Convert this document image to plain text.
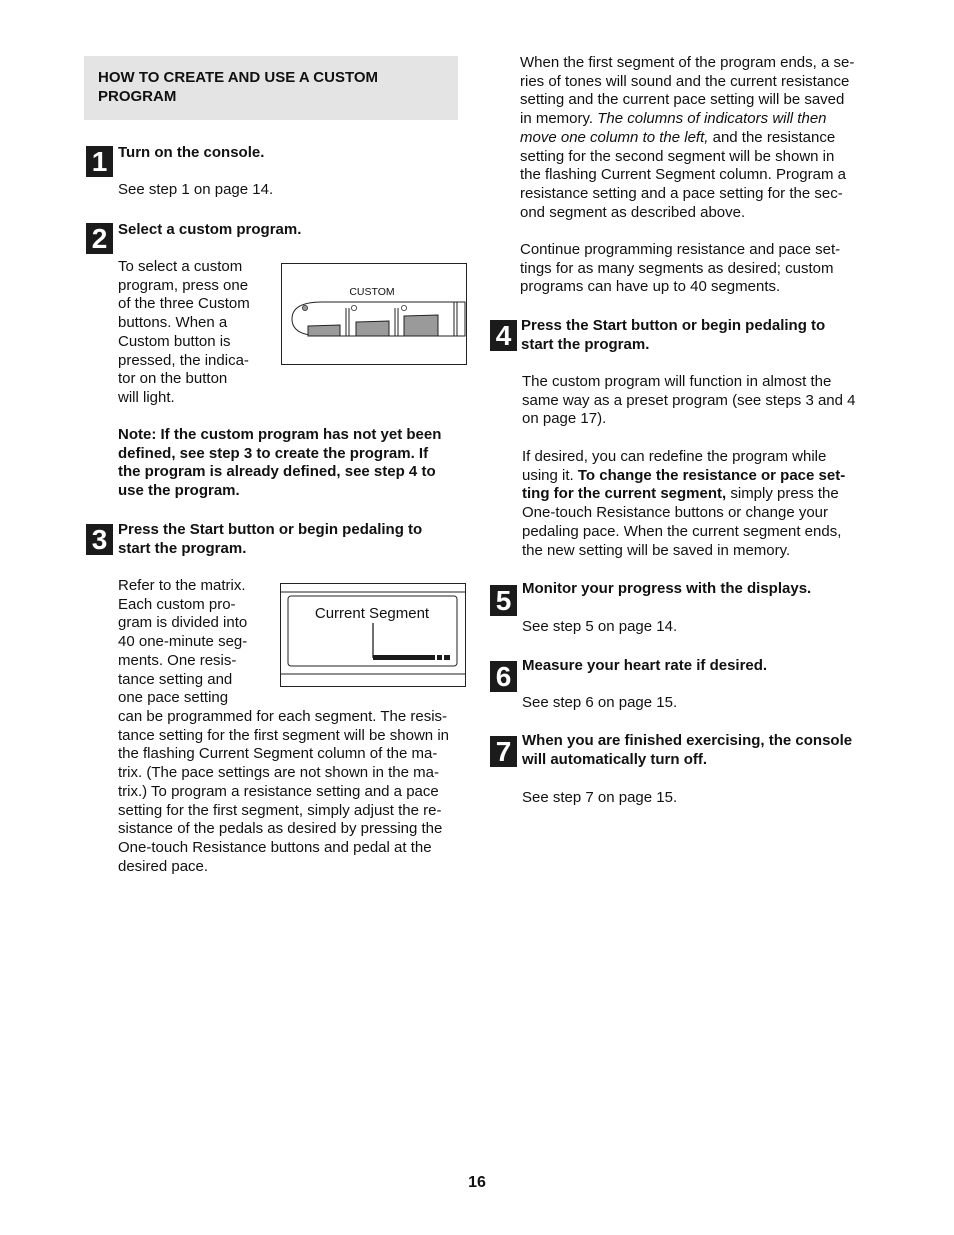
HOW TO CREATE AND USE A CUSTOM
PROGRAM

1 Turn on the console.

See step 1 on page 14.

2 Select a custom program.

To select a custom
program, press one
of the three Custom
buttons. When a
Custom button is
pressed, the indica-
tor on the button
will light.

CUSTOM

Note: If the custom program has not yet been
defined, see step 3 to create the program. If
the program is already defined, see step 4 to
use the program.

3 Press the Start button or begin pedaling to
start the program.

Refer to the matrix.
Each custom pro-
gram is divided into
40 one-minute seg-
ments. One resis-
tance setting and
one pace setting

Current Segment

can be programmed for each segment. The resis-
tance setting for the first segment will be shown in
the flashing Current Segment column of the ma-
trix. (The pace settings are not shown in the ma-
trix.) To program a resistance setting and a pace
setting for the first segment, simply adjust the re-
sistance of the pedals as desired by pressing the
One-touch Resistance buttons and pedal at the
desired pace.

When the first segment of the program ends, a se-
ries of tones will sound and the current resistance
setting and the current pace setting will be saved
in memory. The columns of indicators will then
move one column to the left, and the resistance
setting for the second segment will be shown in
the flashing Current Segment column. Program a
resistance setting and a pace setting for the sec-
ond segment as described above.

Continue programming resistance and pace set-
tings for as many segments as desired; custom
programs can have up to 40 segments.

4 Press the Start button or begin pedaling to
start the program.

The custom program will function in almost the
same way as a preset program (see steps 3 and 4
on page 17).

If desired, you can redefine the program while
using it. To change the resistance or pace set-
ting for the current segment, simply press the
One-touch Resistance buttons or change your
pedaling pace. When the current segment ends,
the new setting will be saved in memory.

5 Monitor your progress with the displays.

See step 5 on page 14.

6 Measure your heart rate if desired.

See step 6 on page 15.

7 When you are finished exercising, the console
will automatically turn off.

See step 7 on page 15.

16
